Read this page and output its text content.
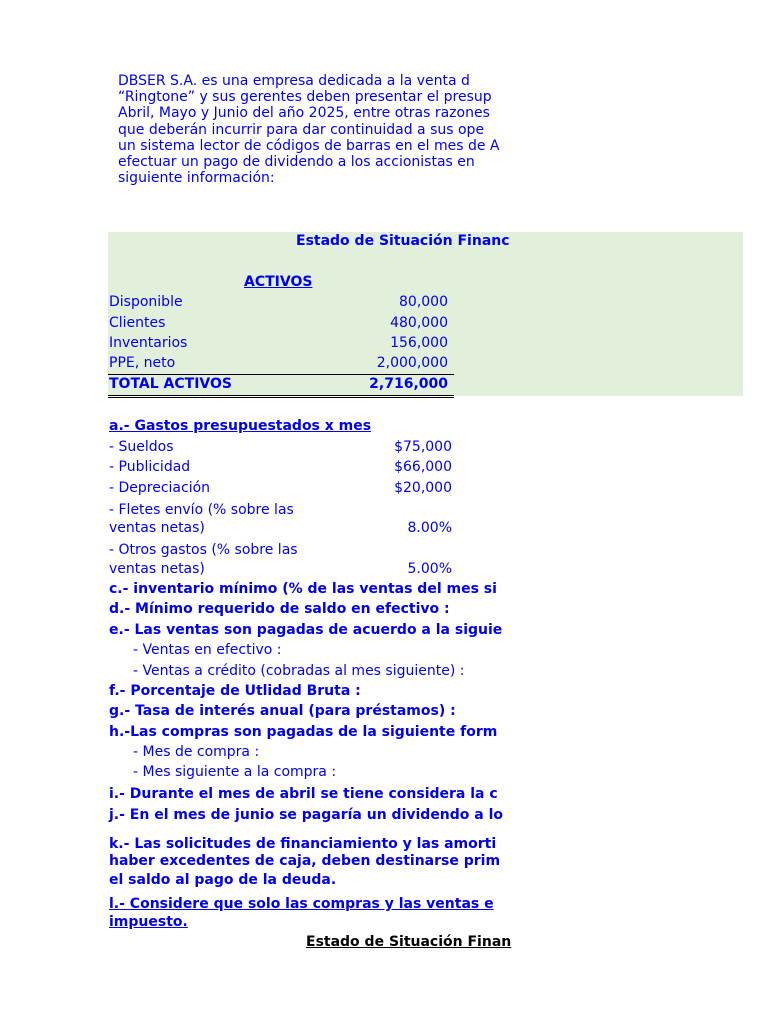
DBSER S.A. es una empresa dedicada a la venta d
“Ringtone” y sus gerentes deben presentar el presup
Abril, Mayo y Junio del año 2025, entre otras razones
que deberán incurrir para dar continuidad a sus ope
un sistema lector de códigos de barras en el mes de A
efectuar un pago de dividendo a los accionistas en
siguiente información:
Estado de Situación Financ
ACTIVOS
Disponible	80,000
Clientes	480,000
Inventarios	156,000
PPE, neto	2,000,000
TOTAL ACTIVOS	2,716,000
a.- Gastos presupuestados x mes
- Sueldos	$75,000
- Publicidad	$66,000
- Depreciación	$20,000
- Fletes envío (% sobre las
ventas netas)	8.00%
- Otros gastos (% sobre las
ventas netas)	5.00%
c.- inventario mínimo (% de las ventas del mes si
d.- Mínimo requerido de saldo en efectivo :
e.- Las ventas son pagadas de acuerdo a la siguie
- Ventas en efectivo :
- Ventas a crédito (cobradas al mes siguiente) :
f.- Porcentaje de Utlidad Bruta :
g.- Tasa de interés anual (para préstamos) :
h.-Las compras son pagadas de la siguiente form
- Mes de compra :
- Mes siguiente a la compra :
i.- Durante el mes de abril se tiene considera la c
j.- En el mes de junio se pagaría un dividendo a lo
k.- Las solicitudes de financiamiento y las amorti
haber excedentes de caja, deben destinarse prim
el saldo al pago de la deuda.
l.- Considere que solo las compras y las ventas e
impuesto.
Estado de Situación Finan
